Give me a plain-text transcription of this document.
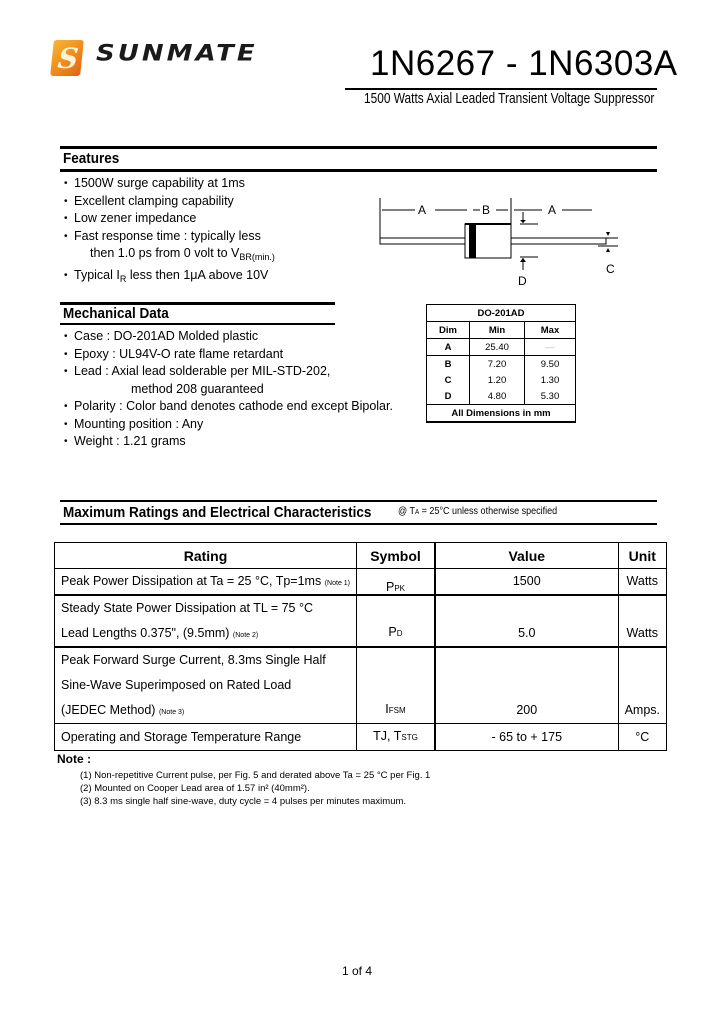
S SUNMATE	1N6267 - 1N6303A
1500 Watts Axial Leaded Transient Voltage Suppressor
Features
• 1500W surge capability at 1ms
• Excellent clamping capability
• Low zener impedance
• Fast response time : typically less
then 1.0 ps from 0 volt to $V_{BR(min.)}$
• Typical $I_R$ less then 1μA above 10V
A	B	A
C
D
Mechanical Data
• Case : DO-201AD Molded plastic
• Epoxy : UL94V-O rate flame retardant
• Lead : Axial lead solderable per MIL-STD-202,
method 208 guaranteed
• Polarity : Color band denotes cathode end except Bipolar.
• Mounting position : Any
• Weight : 1.21 grams
DO-201AD		
Dim	Min	Max
A	25.40	—
B	7.20	9.50
C	1.20	1.30
D	4.80	5.30
All Dimensions in mm		
Maximum Ratings and Electrical Characteristics	@ TA = 25°C unless otherwise specified
Rating	Symbol	Value	Unit

Peak Power Dissipation at Ta = 25 °C, Tp=1ms (Note 1)	PPK	1500	Watts

Steady State Power Dissipation at TL = 75 °C
Lead Lengths 0.375", (9.5mm) (Note 2)	PD	5.0	Watts

Peak Forward Surge Current, 8.3ms Single Half
Sine-Wave Superimposed on Rated Load
(JEDEC Method) (Note 3)	IFSM	200	Amps.

Operating and Storage Temperature Range	TJ, TSTG	- 65 to + 175	°C
Note :
(1) Non-repetitive Current pulse, per Fig. 5 and derated above Ta = 25 °C per Fig. 1
(2) Mounted on Cooper Lead area of 1.57 in² (40mm²).
(3) 8.3 ms single half sine-wave, duty cycle = 4 pulses per minutes maximum.
1 of 4
